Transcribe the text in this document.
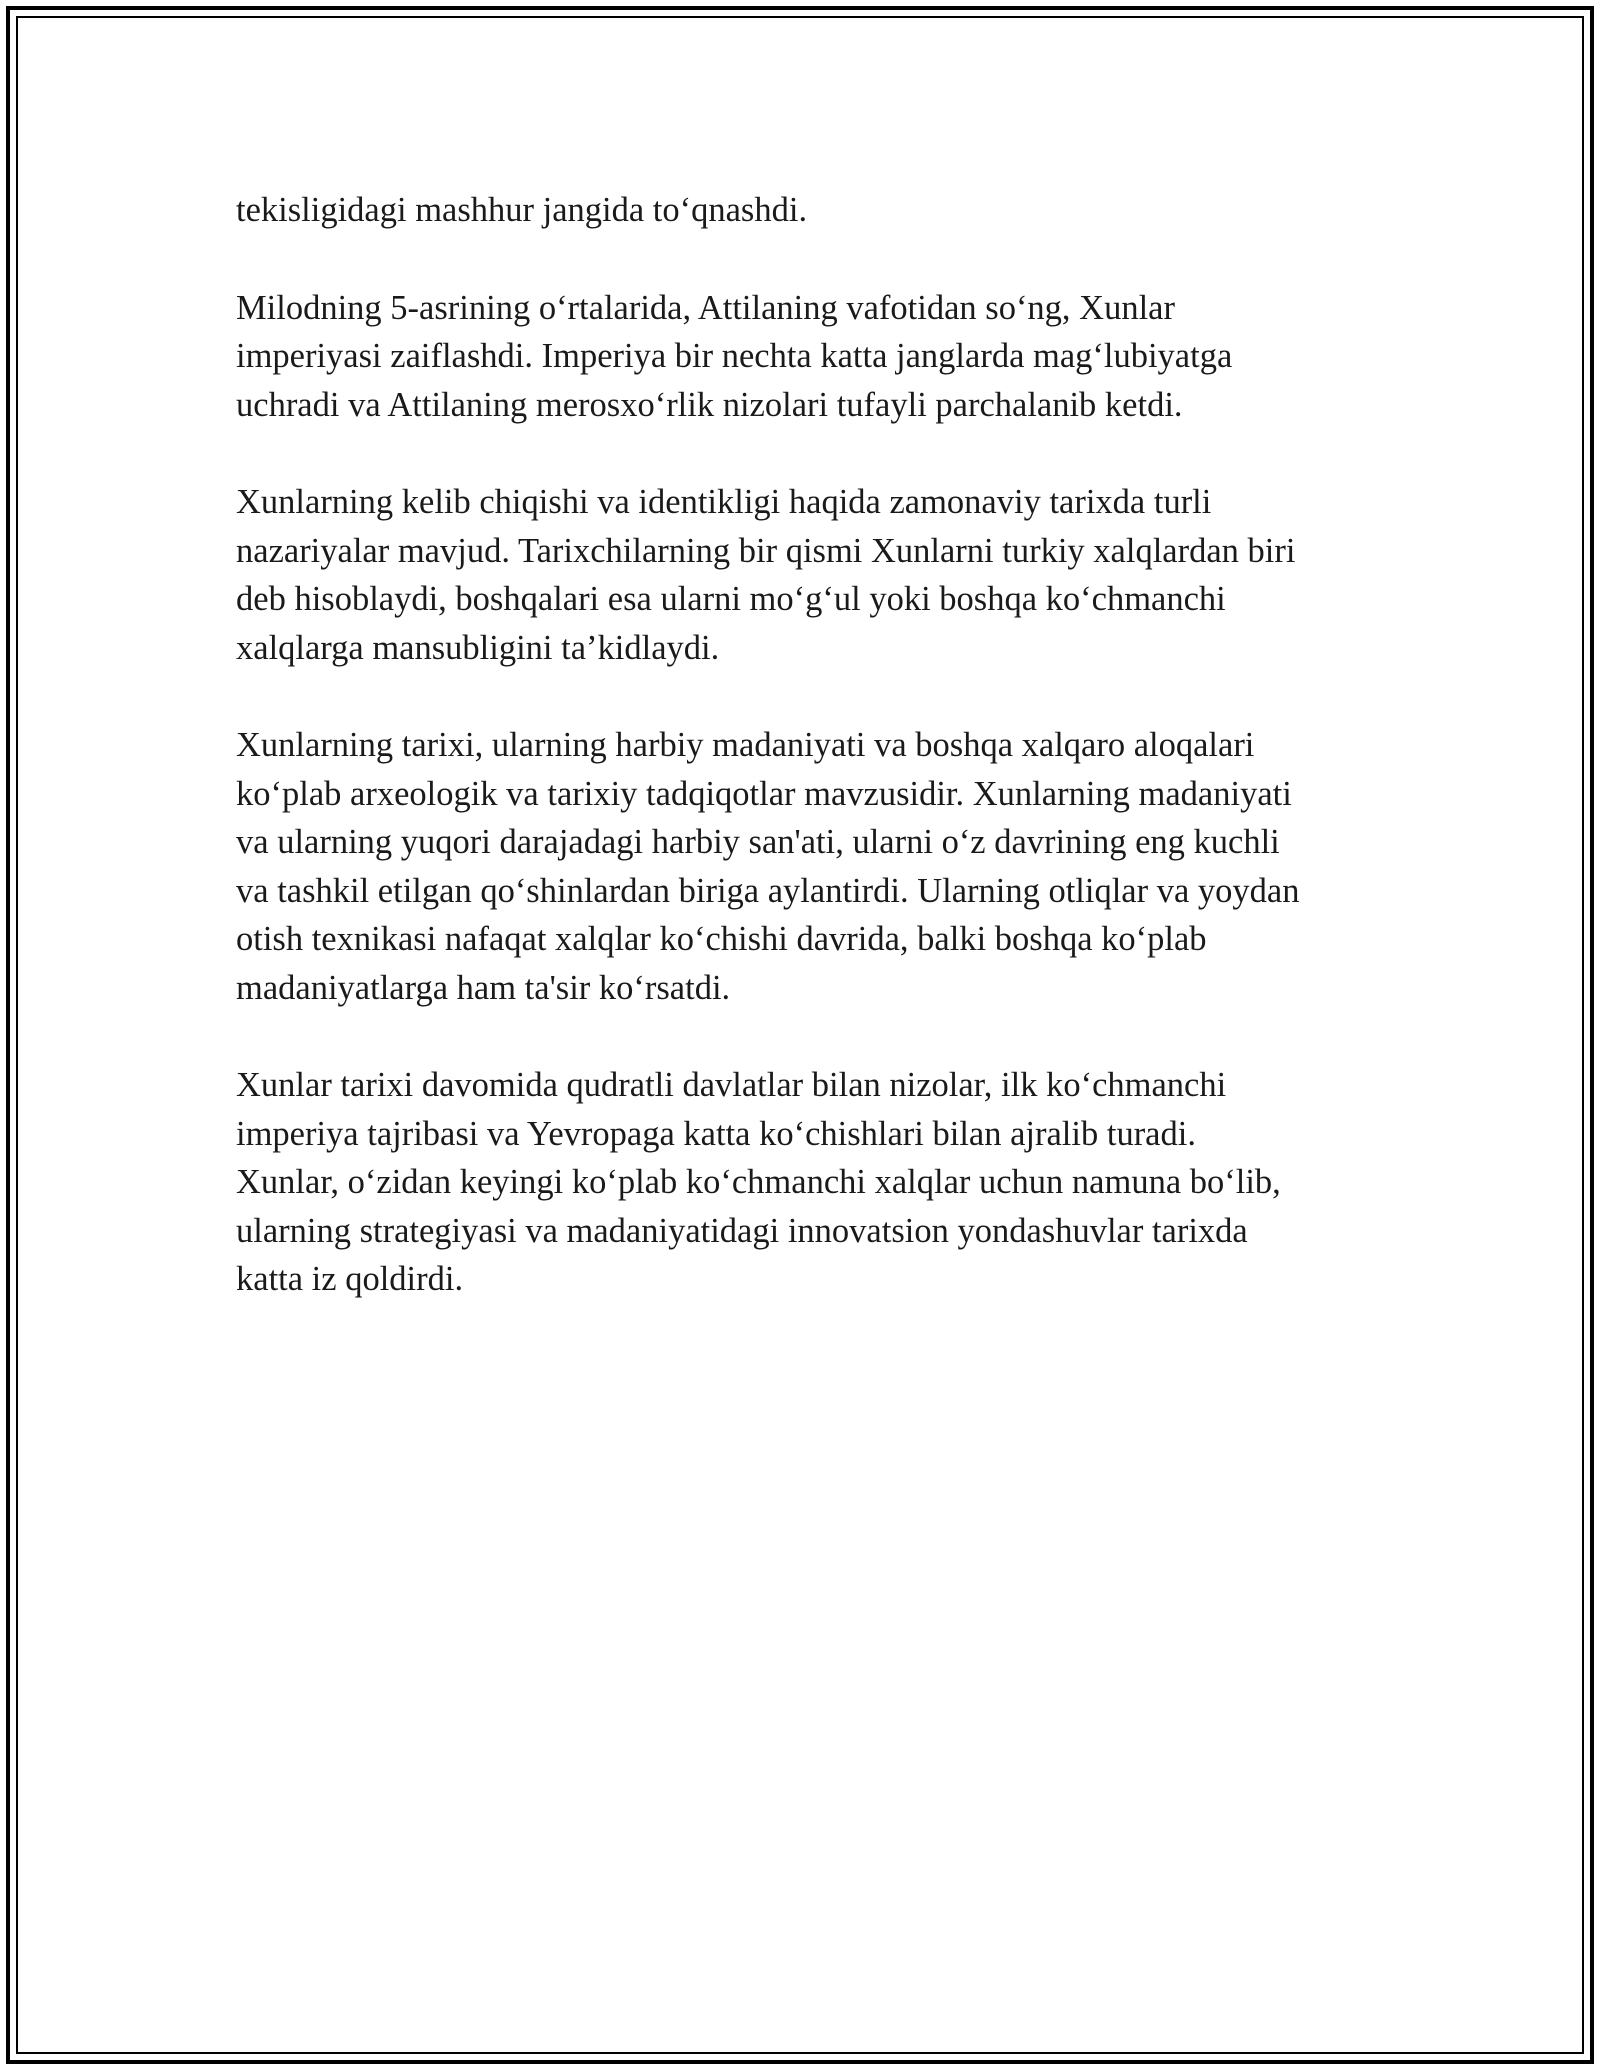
tekisligidagi mashhur jangida to‘qnashdi.

Milodning 5-asrining o‘rtalarida, Attilaning vafotidan so‘ng, Xunlar
imperiyasi zaiflashdi. Imperiya bir nechta katta janglarda mag‘lubiyatga
uchradi va Attilaning merosxo‘rlik nizolari tufayli parchalanib ketdi.

Xunlarning kelib chiqishi va identikligi haqida zamonaviy tarixda turli
nazariyalar mavjud. Tarixchilarning bir qismi Xunlarni turkiy xalqlardan biri
deb hisoblaydi, boshqalari esa ularni mo‘g‘ul yoki boshqa ko‘chmanchi
xalqlarga mansubligini ta’kidlaydi.

Xunlarning tarixi, ularning harbiy madaniyati va boshqa xalqaro aloqalari
ko‘plab arxeologik va tarixiy tadqiqotlar mavzusidir. Xunlarning madaniyati
va ularning yuqori darajadagi harbiy san'ati, ularni o‘z davrining eng kuchli
va tashkil etilgan qo‘shinlardan biriga aylantirdi. Ularning otliqlar va yoydan
otish texnikasi nafaqat xalqlar ko‘chishi davrida, balki boshqa ko‘plab
madaniyatlarga ham ta'sir ko‘rsatdi.

Xunlar tarixi davomida qudratli davlatlar bilan nizolar, ilk ko‘chmanchi
imperiya tajribasi va Yevropaga katta ko‘chishlari bilan ajralib turadi.
Xunlar, o‘zidan keyingi ko‘plab ko‘chmanchi xalqlar uchun namuna bo‘lib,
ularning strategiyasi va madaniyatidagi innovatsion yondashuvlar tarixda
katta iz qoldirdi.
